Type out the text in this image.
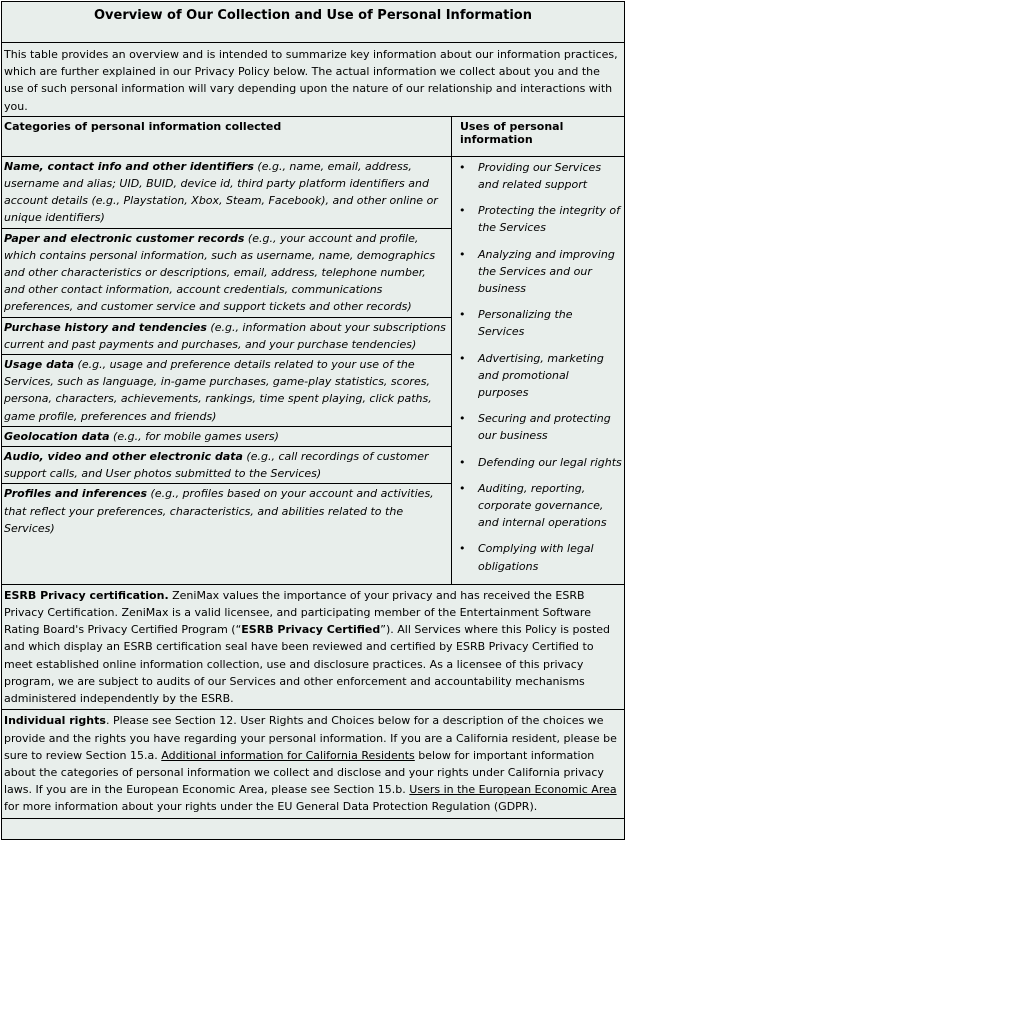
Overview of Our Collection and Use of Personal Information
This table provides an overview and is intended to summarize key information about our information practices, which are further explained in our Privacy Policy below. The actual information we collect about you and the use of such personal information will vary depending upon the nature of our relationship and interactions with you.
Categories of personal information collected	Uses of personal information
Name, contact info and other identifiers (e.g., name, email, address, username and alias; UID, BUID, device id, third party platform identifiers and account details (e.g., Playstation, Xbox, Steam, Facebook), and other online or unique identifiers)
Paper and electronic customer records (e.g., your account and profile, which contains personal information, such as username, name, demographics and other characteristics or descriptions, email, address, telephone number, and other contact information, account credentials, communications preferences, and customer service and support tickets and other records)
Purchase history and tendencies (e.g., information about your subscriptions current and past payments and purchases, and your purchase tendencies)
Usage data (e.g., usage and preference details related to your use of the Services, such as language, in-game purchases, game-play statistics, scores, persona, characters, achievements, rankings, time spent playing, click paths, game profile, preferences and friends)
Geolocation data (e.g., for mobile games users)
Audio, video and other electronic data (e.g., call recordings of customer support calls, and User photos submitted to the Services)
Profiles and inferences (e.g., profiles based on your account and activities, that reflect your preferences, characteristics, and abilities related to the Services)
• Providing our Services and related support
• Protecting the integrity of the Services
• Analyzing and improving the Services and our business
• Personalizing the Services
• Advertising, marketing and promotional purposes
• Securing and protecting our business
• Defending our legal rights
• Auditing, reporting, corporate governance, and internal operations
• Complying with legal obligations
ESRB Privacy certification. ZeniMax values the importance of your privacy and has received the ESRB Privacy Certification. ZeniMax is a valid licensee, and participating member of the Entertainment Software Rating Board's Privacy Certified Program (“ESRB Privacy Certified”). All Services where this Policy is posted and which display an ESRB certification seal have been reviewed and certified by ESRB Privacy Certified to meet established online information collection, use and disclosure practices. As a licensee of this privacy program, we are subject to audits of our Services and other enforcement and accountability mechanisms administered independently by the ESRB.
Individual rights. Please see Section 12. User Rights and Choices below for a description of the choices we provide and the rights you have regarding your personal information. If you are a California resident, please be sure to review Section 15.a. Additional information for California Residents below for important information about the categories of personal information we collect and disclose and your rights under California privacy laws. If you are in the European Economic Area, please see Section 15.b. Users in the European Economic Area for more information about your rights under the EU General Data Protection Regulation (GDPR).
